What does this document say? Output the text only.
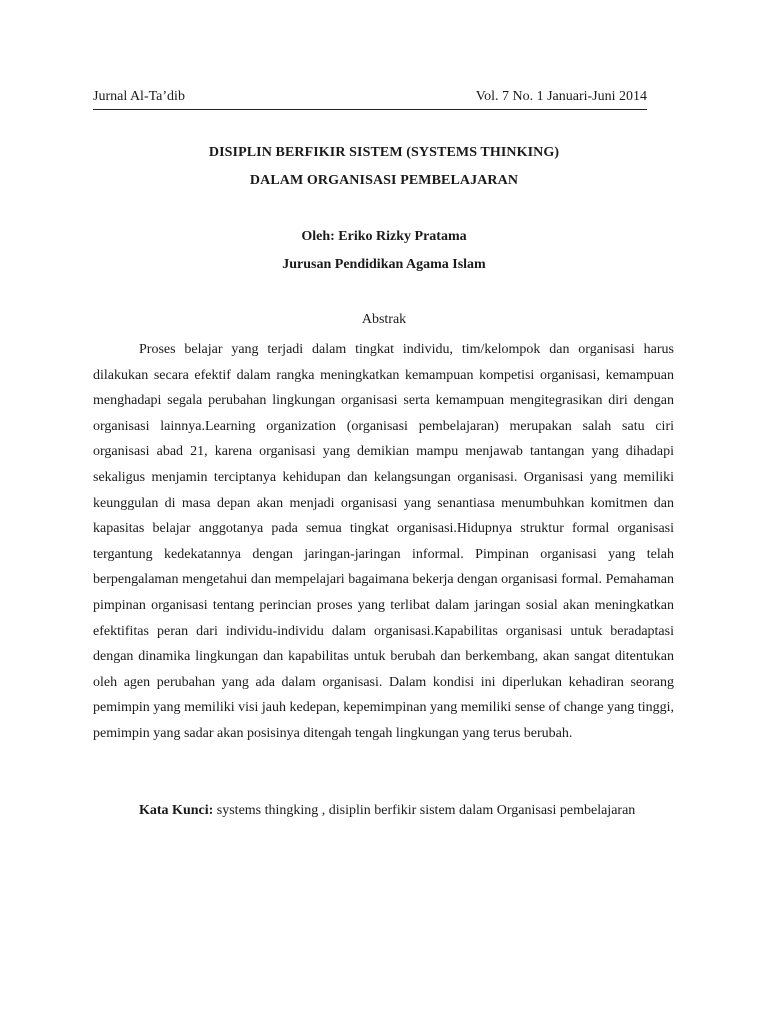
Jurnal Al-Ta’dib	Vol. 7 No. 1 Januari-Juni 2014
DISIPLIN BERFIKIR SISTEM (SYSTEMS THINKING)
DALAM ORGANISASI PEMBELAJARAN
Oleh: Eriko Rizky Pratama
Jurusan Pendidikan Agama Islam
Abstrak

Proses belajar yang terjadi dalam tingkat individu, tim/kelompok dan organisasi harus dilakukan secara efektif dalam rangka meningkatkan kemampuan kompetisi organisasi, kemampuan menghadapi segala perubahan lingkungan organisasi serta kemampuan mengitegrasikan diri dengan organisasi lainnya.Learning organization (organisasi pembelajaran) merupakan salah satu ciri organisasi abad 21, karena organisasi yang demikian mampu menjawab tantangan yang dihadapi sekaligus menjamin terciptanya kehidupan dan kelangsungan organisasi. Organisasi yang memiliki keunggulan di masa depan akan menjadi organisasi yang senantiasa menumbuhkan komitmen dan kapasitas belajar anggotanya pada semua tingkat organisasi.Hidupnya struktur formal organisasi tergantung kedekatannya dengan jaringan-jaringan informal. Pimpinan organisasi yang telah berpengalaman mengetahui dan mempelajari bagaimana bekerja dengan organisasi formal. Pemahaman pimpinan organisasi tentang perincian proses yang terlibat dalam jaringan sosial akan meningkatkan efektifitas peran dari individu-individu dalam organisasi.Kapabilitas organisasi untuk beradaptasi dengan dinamika lingkungan dan kapabilitas untuk berubah dan berkembang, akan sangat ditentukan oleh agen perubahan yang ada dalam organisasi. Dalam kondisi ini diperlukan kehadiran seorang pemimpin yang memiliki visi jauh kedepan, kepemimpinan yang memiliki sense of change yang tinggi, pemimpin yang sadar akan posisinya ditengah tengah lingkungan yang terus berubah.

Kata Kunci: systems thingking , disiplin berfikir sistem dalam Organisasi pembelajaran
